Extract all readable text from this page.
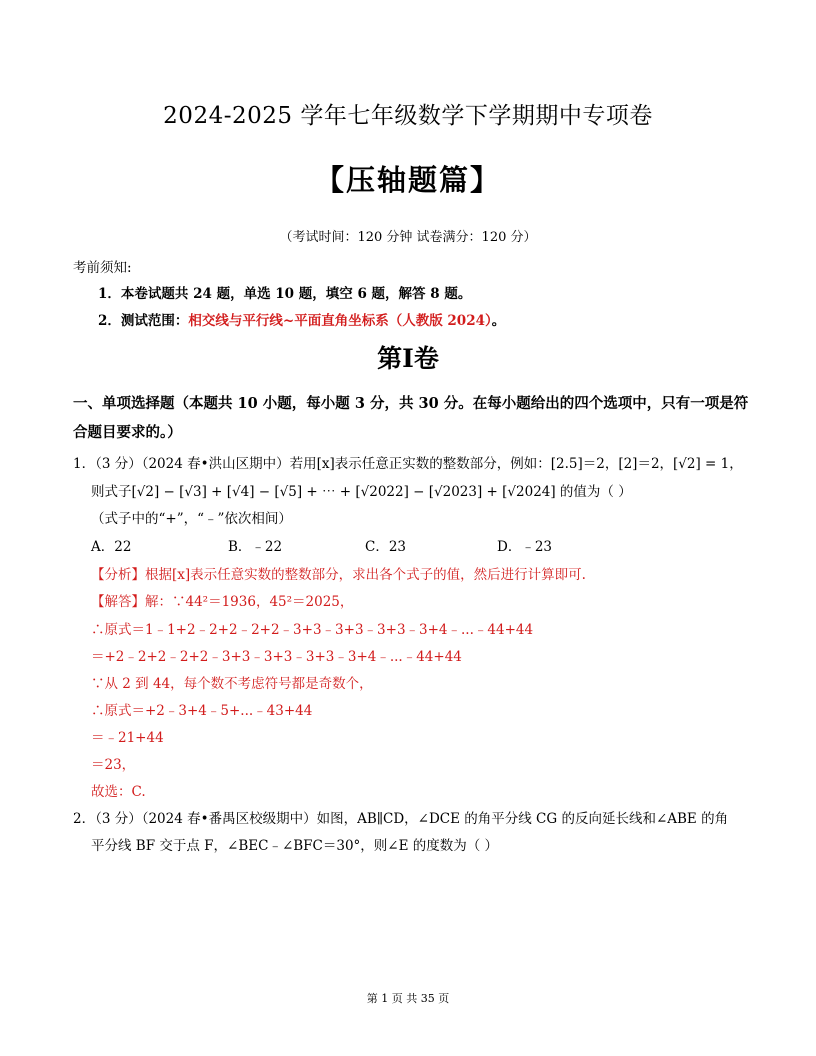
2024-2025 学年七年级数学下学期期中专项卷
【压轴题篇】
（考试时间：120 分钟 试卷满分：120 分）
考前须知:
1．本卷试题共 24 题，单选 10 题，填空 6 题，解答 8 题。
2．测试范围：相交线与平行线~平面直角坐标系（人教版 2024）。
第Ⅰ卷
一、单项选择题（本题共 10 小题，每小题 3 分，共 30 分。在每小题给出的四个选项中，只有一项是符
合题目要求的。）
1．（3 分）（2024 春•洪山区期中）若用[x]表示任意正实数的整数部分，例如：[2.5]＝2，[2]＝2，[√2] = 1，
则式子[√2] − [√3] + [√4] − [√5] + ⋯ + [√2022] − [√2023] + [√2024] 的值为（ ）
（式子中的“+”，“﹣”依次相间）
A．22	B．﹣22	C．23	D．﹣23
【分析】根据[x]表示任意实数的整数部分，求出各个式子的值，然后进行计算即可.
【解答】解：∵44²＝1936，45²＝2025，
∴原式＝1﹣1+2﹣2+2﹣2+2﹣3+3﹣3+3﹣3+3﹣3+4﹣...﹣44+44
＝+2﹣2+2﹣2+2﹣3+3﹣3+3﹣3+3﹣3+4﹣...﹣44+44
∵从 2 到 44，每个数不考虑符号都是奇数个，
∴原式＝+2﹣3+4﹣5+...﹣43+44
＝﹣21+44
＝23，
故选：C.
2．（3 分）（2024 春•番禺区校级期中）如图，AB∥CD，∠DCE 的角平分线 CG 的反向延长线和∠ABE 的角
平分线 BF 交于点 F，∠BEC﹣∠BFC＝30°，则∠E 的度数为（ ）
第 1 页 共 35 页
